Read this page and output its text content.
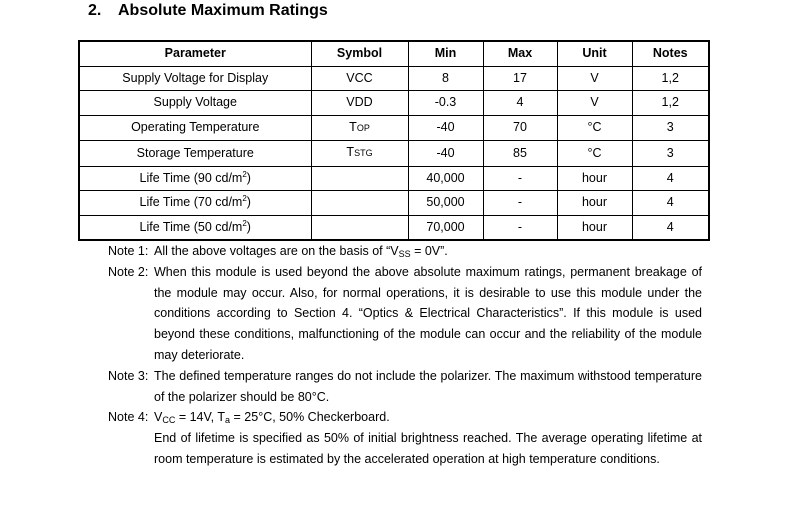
2. Absolute Maximum Ratings
Parameter	Symbol	Min	Max	Unit	Notes
Supply Voltage for Display	VCC	8	17	V	1,2
Supply Voltage	VDD	-0.3	4	V	1,2
Operating Temperature	TOP	-40	70	°C	3
Storage Temperature	TSTG	-40	85	°C	3
Life Time (90 $cd/m^2$)		40,000	-	hour	4
Life Time (70 $cd/m^2$)		50,000	-	hour	4
Life Time (50 $cd/m^2$)		70,000	-	hour	4
Note 1: All the above voltages are on the basis of “$V_{SS} = 0V$”.
Note 2: When this module is used beyond the above absolute maximum ratings, permanent breakage of the module may occur. Also, for normal operations, it is desirable to use this module under the conditions according to Section 4. “Optics & Electrical Characteristics”. If this module is used beyond these conditions, malfunctioning of the module can occur and the reliability of the module may deteriorate.
Note 3: The defined temperature ranges do not include the polarizer. The maximum withstood temperature of the polarizer should be 80°C.
Note 4: $V_{CC} = 14V$, $T_a = 25^\circ C$, 50% Checkerboard.
End of lifetime is specified as 50% of initial brightness reached. The average operating lifetime at room temperature is estimated by the accelerated operation at high temperature conditions.
